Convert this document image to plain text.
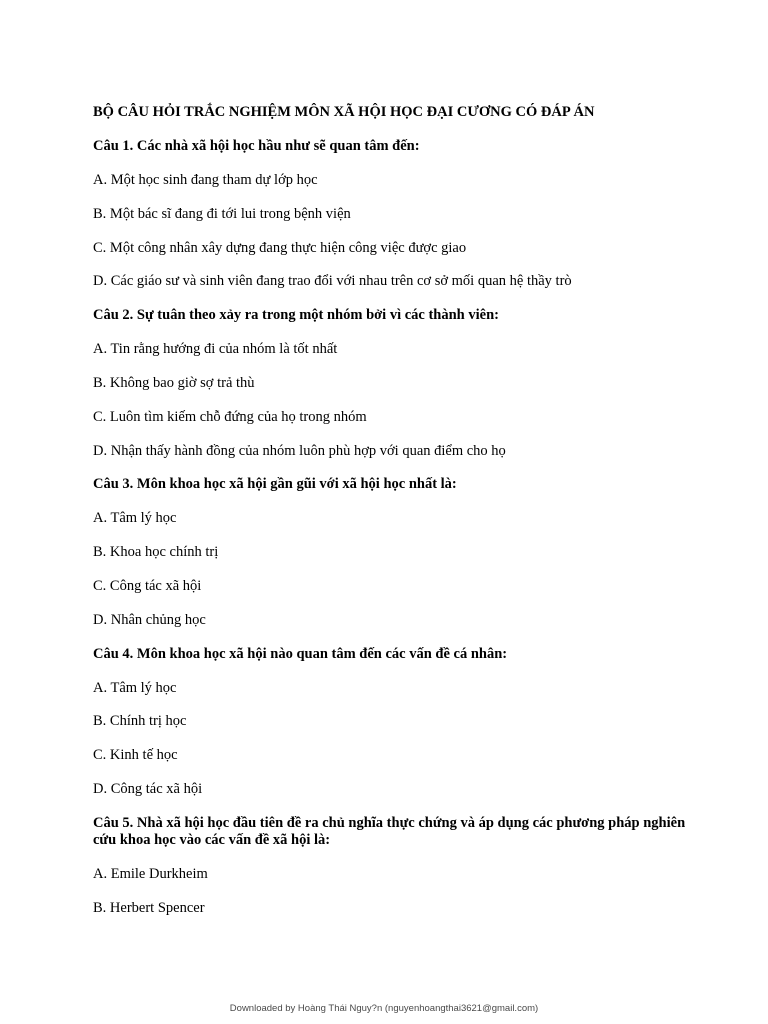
BỘ CÂU HỎI TRẮC NGHIỆM MÔN XÃ HỘI HỌC ĐẠI CƯƠNG CÓ ĐÁP ÁN

Câu 1. Các nhà xã hội học hầu như sẽ quan tâm đến:

A. Một học sinh đang tham dự lớp học

B. Một bác sĩ đang đi tới lui trong bệnh viện

C. Một công nhân xây dựng đang thực hiện công việc được giao

D. Các giáo sư và sinh viên đang trao đổi với nhau trên cơ sở mối quan hệ thầy trò

Câu 2. Sự tuân theo xảy ra trong một nhóm bởi vì các thành viên:

A. Tin rằng hướng đi của nhóm là tốt nhất

B. Không bao giờ sợ trả thù

C. Luôn tìm kiếm chỗ đứng của họ trong nhóm

D. Nhận thấy hành đồng của nhóm luôn phù hợp với quan điểm cho họ

Câu 3. Môn khoa học xã hội gần gũi với xã hội học nhất là:

A. Tâm lý học

B. Khoa học chính trị

C. Công tác xã hội

D. Nhân chủng học

Câu 4. Môn khoa học xã hội nào quan tâm đến các vấn đề cá nhân:

A. Tâm lý học

B. Chính trị học

C. Kinh tế học

D. Công tác xã hội

Câu 5. Nhà xã hội học đầu tiên đề ra chủ nghĩa thực chứng và áp dụng các phương pháp nghiên cứu khoa học vào các vấn đề xã hội là:

A. Emile Durkheim

B. Herbert Spencer

Downloaded by Hoàng Thái Nguy?n (nguyenhoangthai3621@gmail.com)
